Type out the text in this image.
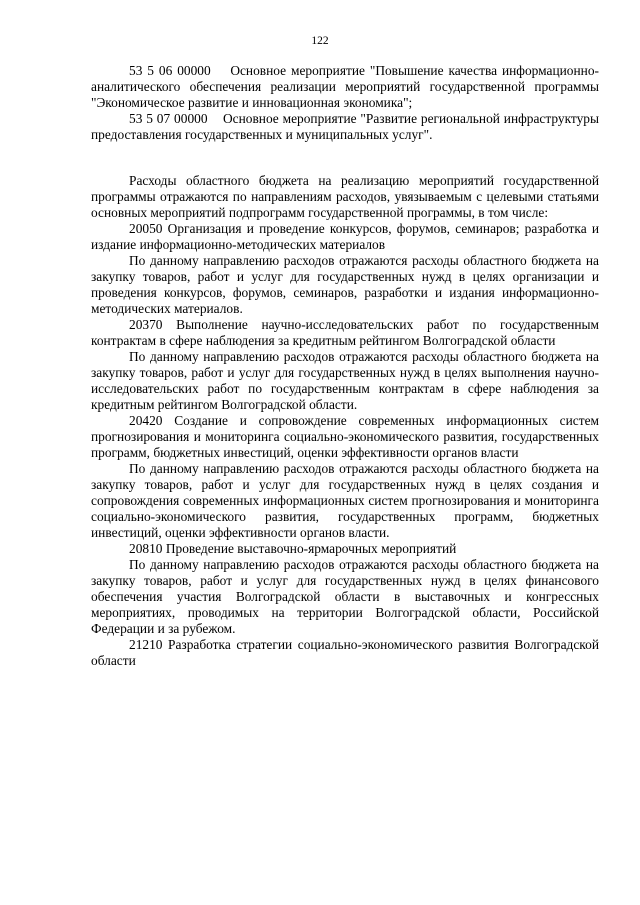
122

53 5 06 00000    Основное мероприятие "Повышение качества информационно-аналитического обеспечения реализации мероприятий государственной программы "Экономическое развитие и инновационная экономика";

53 5 07 00000    Основное мероприятие "Развитие региональной инфраструктуры предоставления государственных и муниципальных услуг".

Расходы областного бюджета на реализацию мероприятий государственной программы отражаются по направлениям расходов, увязываемым с целевыми статьями основных мероприятий подпрограмм государственной программы, в том числе:

20050 Организация и проведение конкурсов, форумов, семинаров; разработка и издание информационно-методических материалов

По данному направлению расходов отражаются расходы областного бюджета на закупку товаров, работ и услуг для государственных нужд в целях организации и проведения конкурсов, форумов, семинаров, разработки и издания информационно-методических материалов.

20370 Выполнение научно-исследовательских работ по государственным контрактам в сфере наблюдения за кредитным рейтингом Волгоградской области

По данному направлению расходов отражаются расходы областного бюджета на закупку товаров, работ и услуг для государственных нужд в целях выполнения научно-исследовательских работ по государственным контрактам в сфере наблюдения за кредитным рейтингом Волгоградской области.

20420 Создание и сопровождение современных информационных систем прогнозирования и мониторинга социально-экономического развития, государственных программ, бюджетных инвестиций, оценки эффективности органов власти

По данному направлению расходов отражаются расходы областного бюджета на закупку товаров, работ и услуг для государственных нужд в целях создания и сопровождения современных информационных систем прогнозирования и мониторинга социально-экономического развития, государственных программ, бюджетных инвестиций, оценки эффективности органов власти.

20810 Проведение выставочно-ярмарочных мероприятий

По данному направлению расходов отражаются расходы областного бюджета на закупку товаров, работ и услуг для государственных нужд в целях финансового обеспечения участия Волгоградской области в выставочных и конгрессных мероприятиях, проводимых на территории Волгоградской области, Российской Федерации и за рубежом.

21210 Разработка стратегии социально-экономического развития Волгоградской области
